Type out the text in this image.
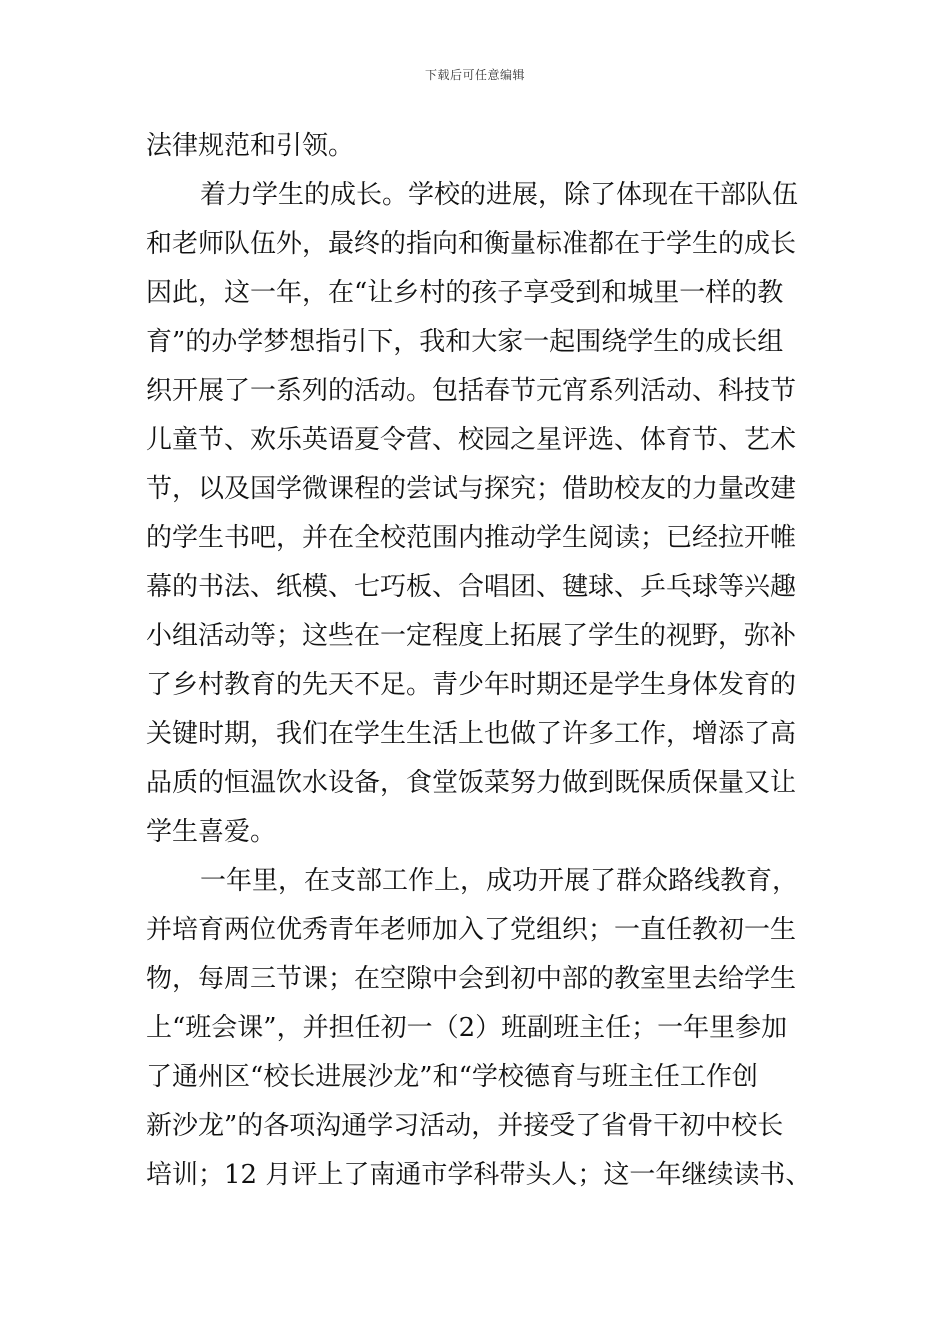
下载后可任意编辑
法律规范和引领。
着力学生的成长。学校的进展，除了体现在干部队伍
和老师队伍外，最终的指向和衡量标准都在于学生的成长
因此，这一年，在“让乡村的孩子享受到和城里一样的教
育”的办学梦想指引下，我和大家一起围绕学生的成长组
织开展了一系列的活动。包括春节元宵系列活动、科技节
儿童节、欢乐英语夏令营、校园之星评选、体育节、艺术
节，以及国学微课程的尝试与探究；借助校友的力量改建
的学生书吧，并在全校范围内推动学生阅读；已经拉开帷
幕的书法、纸模、七巧板、合唱团、毽球、乒乓球等兴趣
小组活动等；这些在一定程度上拓展了学生的视野，弥补
了乡村教育的先天不足。青少年时期还是学生身体发育的
关键时期，我们在学生生活上也做了许多工作，增添了高
品质的恒温饮水设备，食堂饭菜努力做到既保质保量又让
学生喜爱。
一年里，在支部工作上，成功开展了群众路线教育，
并培育两位优秀青年老师加入了党组织；一直任教初一生
物，每周三节课；在空隙中会到初中部的教室里去给学生
上“班会课”，并担任初一（2）班副班主任；一年里参加
了通州区“校长进展沙龙”和“学校德育与班主任工作创
新沙龙”的各项沟通学习活动，并接受了省骨干初中校长
培训；12 月评上了南通市学科带头人；这一年继续读书、
